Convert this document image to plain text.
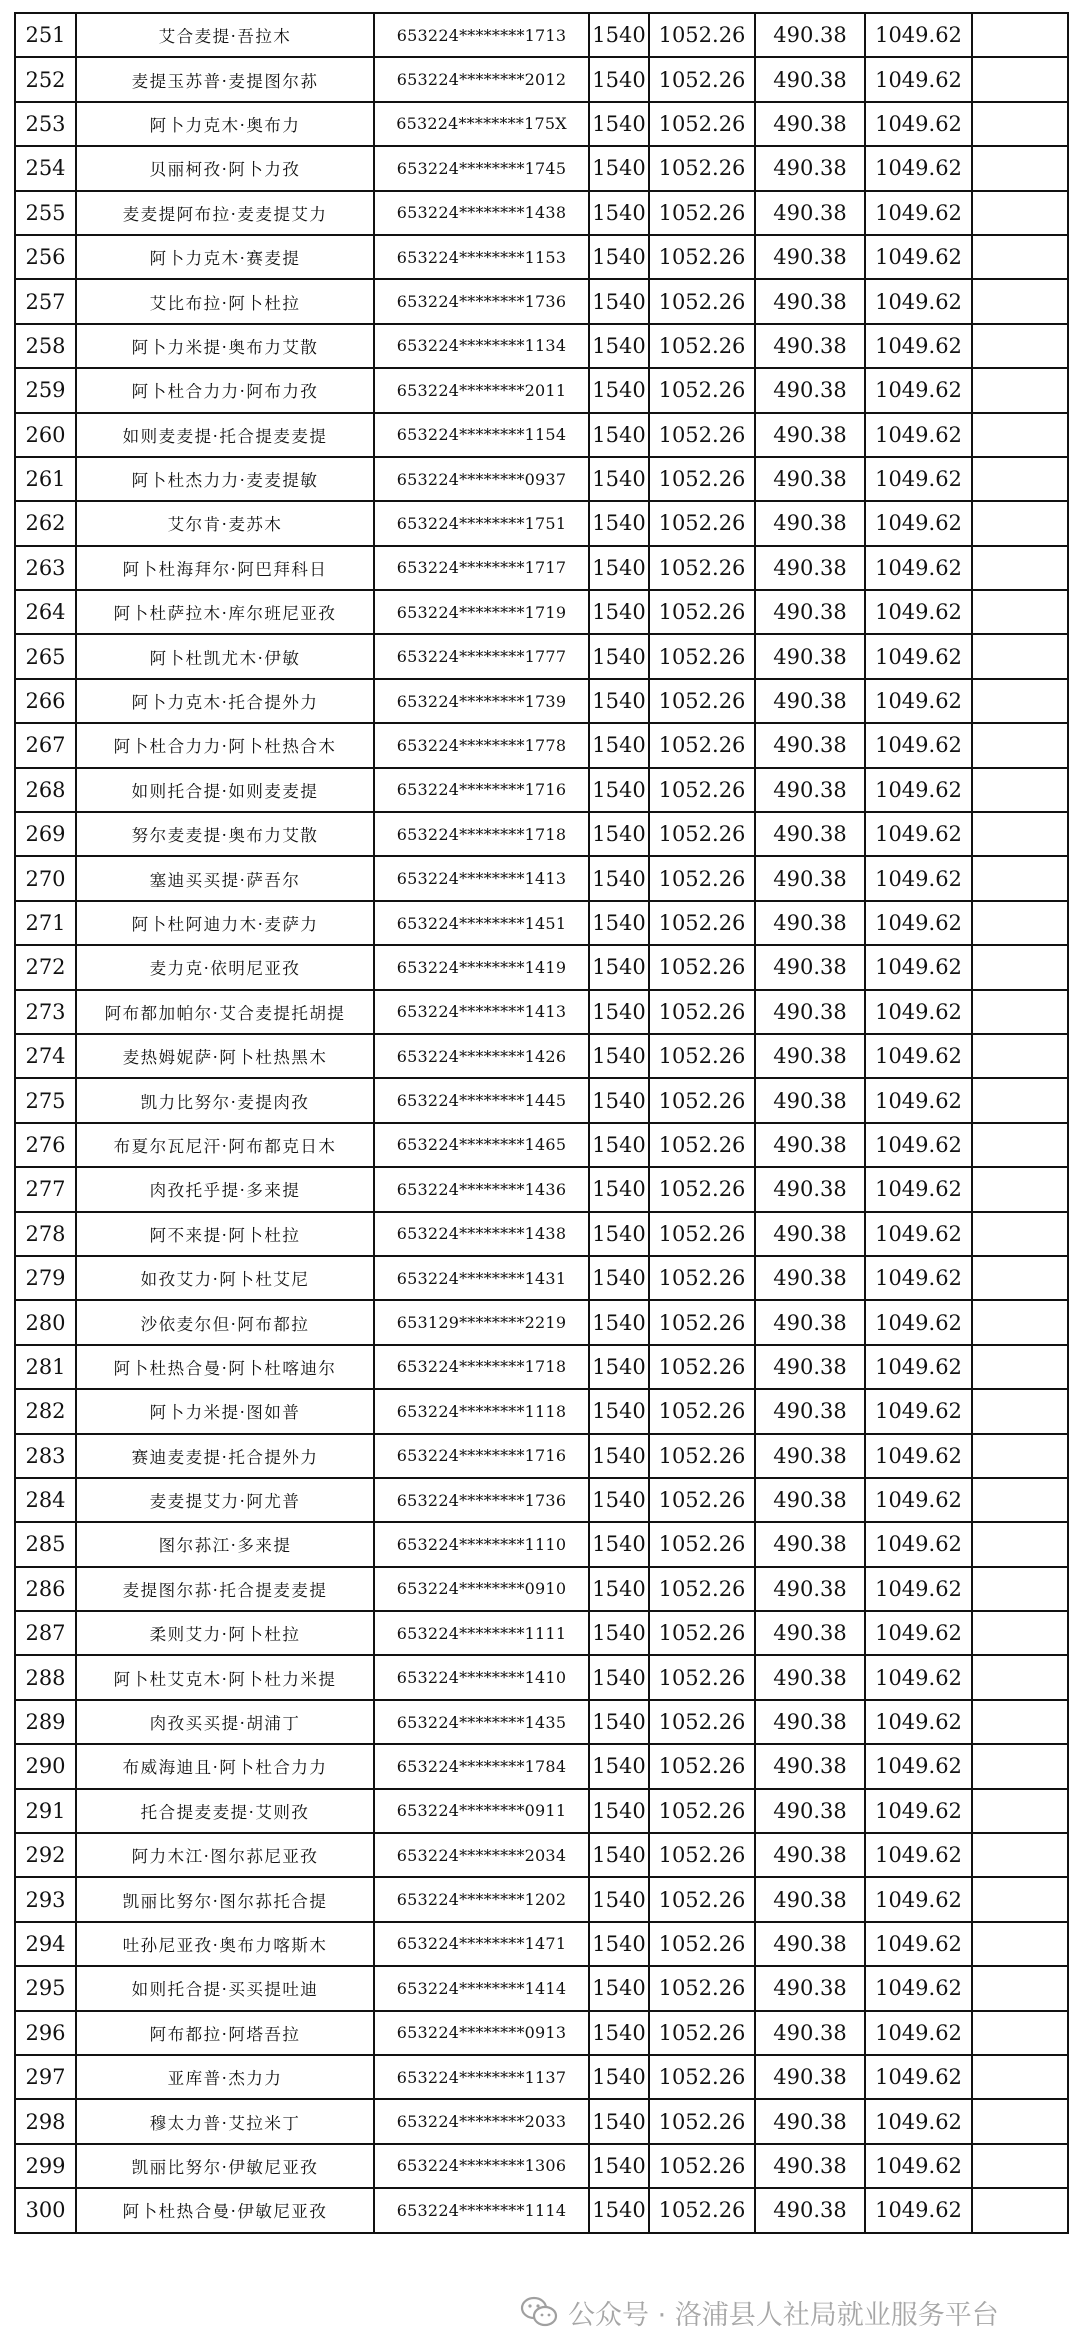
251	艾合麦提·吾拉木	653224********1713	1540	1052.26	490.38	1049.62	
252	麦提玉苏普·麦提图尔荪	653224********2012	1540	1052.26	490.38	1049.62	
253	阿卜力克木·奥布力	653224********175X	1540	1052.26	490.38	1049.62	
254	贝丽柯孜·阿卜力孜	653224********1745	1540	1052.26	490.38	1049.62	
255	麦麦提阿布拉·麦麦提艾力	653224********1438	1540	1052.26	490.38	1049.62	
256	阿卜力克木·赛麦提	653224********1153	1540	1052.26	490.38	1049.62	
257	艾比布拉·阿卜杜拉	653224********1736	1540	1052.26	490.38	1049.62	
258	阿卜力米提·奥布力艾散	653224********1134	1540	1052.26	490.38	1049.62	
259	阿卜杜合力力·阿布力孜	653224********2011	1540	1052.26	490.38	1049.62	
260	如则麦麦提·托合提麦麦提	653224********1154	1540	1052.26	490.38	1049.62	
261	阿卜杜杰力力·麦麦提敏	653224********0937	1540	1052.26	490.38	1049.62	
262	艾尔肯·麦苏木	653224********1751	1540	1052.26	490.38	1049.62	
263	阿卜杜海拜尔·阿巴拜科日	653224********1717	1540	1052.26	490.38	1049.62	
264	阿卜杜萨拉木·库尔班尼亚孜	653224********1719	1540	1052.26	490.38	1049.62	
265	阿卜杜凯尤木·伊敏	653224********1777	1540	1052.26	490.38	1049.62	
266	阿卜力克木·托合提外力	653224********1739	1540	1052.26	490.38	1049.62	
267	阿卜杜合力力·阿卜杜热合木	653224********1778	1540	1052.26	490.38	1049.62	
268	如则托合提·如则麦麦提	653224********1716	1540	1052.26	490.38	1049.62	
269	努尔麦麦提·奥布力艾散	653224********1718	1540	1052.26	490.38	1049.62	
270	塞迪买买提·萨吾尔	653224********1413	1540	1052.26	490.38	1049.62	
271	阿卜杜阿迪力木·麦萨力	653224********1451	1540	1052.26	490.38	1049.62	
272	麦力克·依明尼亚孜	653224********1419	1540	1052.26	490.38	1049.62	
273	阿布都加帕尔·艾合麦提托胡提	653224********1413	1540	1052.26	490.38	1049.62	
274	麦热姆妮萨·阿卜杜热黑木	653224********1426	1540	1052.26	490.38	1049.62	
275	凯力比努尔·麦提肉孜	653224********1445	1540	1052.26	490.38	1049.62	
276	布夏尔瓦尼汗·阿布都克日木	653224********1465	1540	1052.26	490.38	1049.62	
277	肉孜托乎提·多来提	653224********1436	1540	1052.26	490.38	1049.62	
278	阿不来提·阿卜杜拉	653224********1438	1540	1052.26	490.38	1049.62	
279	如孜艾力·阿卜杜艾尼	653224********1431	1540	1052.26	490.38	1049.62	
280	沙依麦尔但·阿布都拉	653129********2219	1540	1052.26	490.38	1049.62	
281	阿卜杜热合曼·阿卜杜喀迪尔	653224********1718	1540	1052.26	490.38	1049.62	
282	阿卜力米提·图如普	653224********1118	1540	1052.26	490.38	1049.62	
283	赛迪麦麦提·托合提外力	653224********1716	1540	1052.26	490.38	1049.62	
284	麦麦提艾力·阿尤普	653224********1736	1540	1052.26	490.38	1049.62	
285	图尔荪江·多来提	653224********1110	1540	1052.26	490.38	1049.62	
286	麦提图尔荪·托合提麦麦提	653224********0910	1540	1052.26	490.38	1049.62	
287	柔则艾力·阿卜杜拉	653224********1111	1540	1052.26	490.38	1049.62	
288	阿卜杜艾克木·阿卜杜力米提	653224********1410	1540	1052.26	490.38	1049.62	
289	肉孜买买提·胡浦丁	653224********1435	1540	1052.26	490.38	1049.62	
290	布威海迪且·阿卜杜合力力	653224********1784	1540	1052.26	490.38	1049.62	
291	托合提麦麦提·艾则孜	653224********0911	1540	1052.26	490.38	1049.62	
292	阿力木江·图尔荪尼亚孜	653224********2034	1540	1052.26	490.38	1049.62	
293	凯丽比努尔·图尔荪托合提	653224********1202	1540	1052.26	490.38	1049.62	
294	吐孙尼亚孜·奥布力喀斯木	653224********1471	1540	1052.26	490.38	1049.62	
295	如则托合提·买买提吐迪	653224********1414	1540	1052.26	490.38	1049.62	
296	阿布都拉·阿塔吾拉	653224********0913	1540	1052.26	490.38	1049.62	
297	亚库普·杰力力	653224********1137	1540	1052.26	490.38	1049.62	
298	穆太力普·艾拉米丁	653224********2033	1540	1052.26	490.38	1049.62	
299	凯丽比努尔·伊敏尼亚孜	653224********1306	1540	1052.26	490.38	1049.62	
300	阿卜杜热合曼·伊敏尼亚孜	653224********1114	1540	1052.26	490.38	1049.62	
公众号 · 洛浦县人社局就业服务平台
